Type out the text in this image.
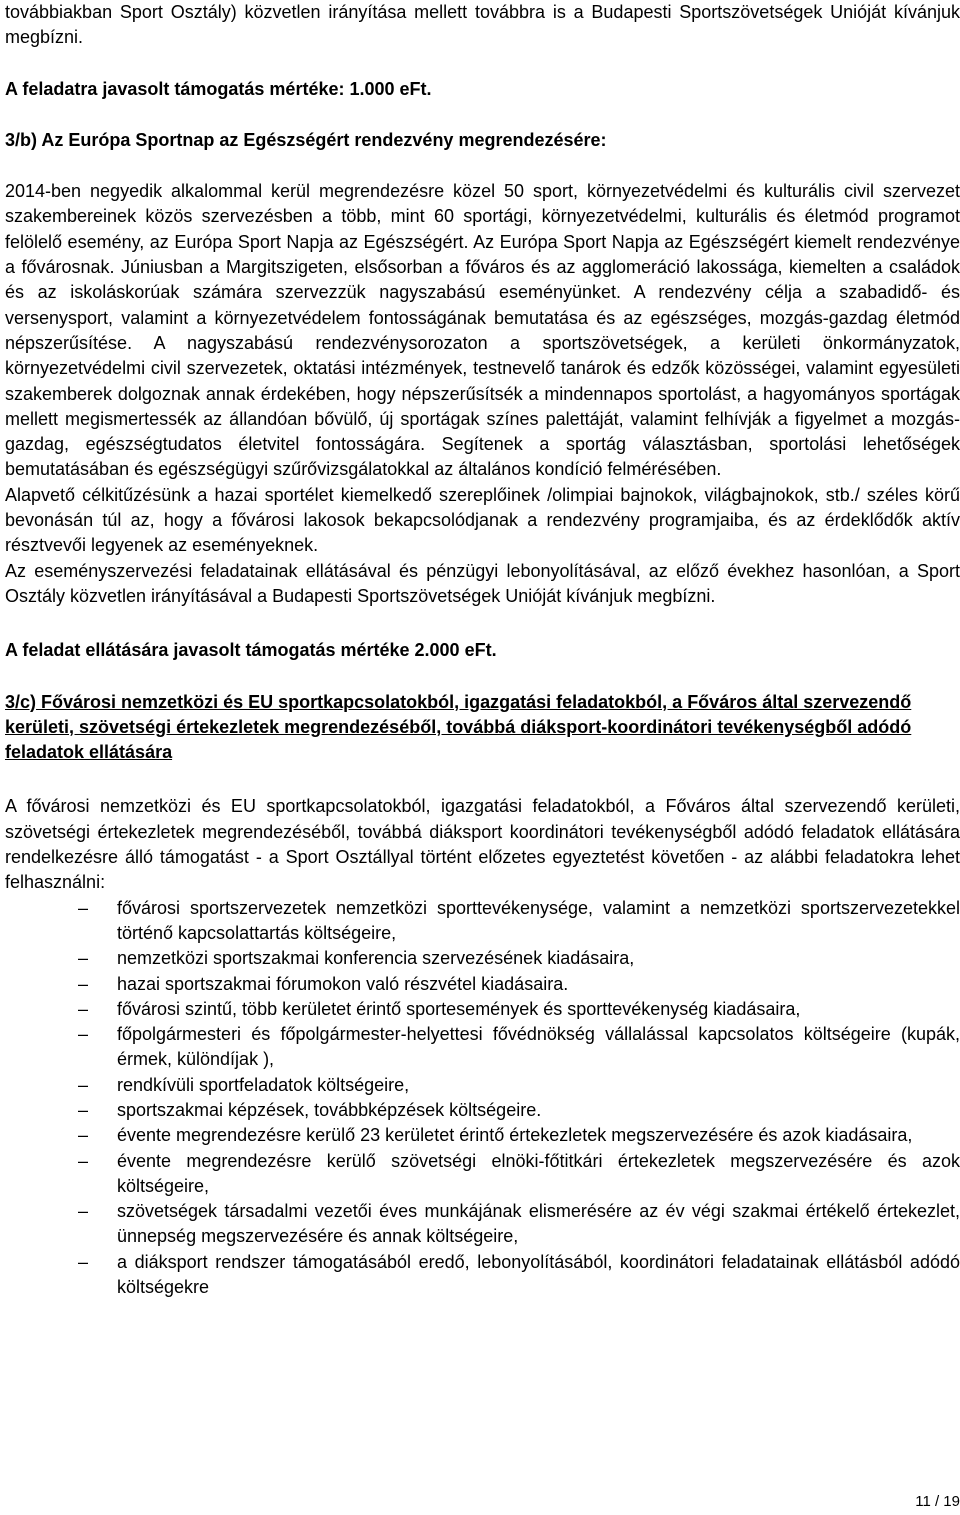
továbbiakban Sport Osztály) közvetlen irányítása mellett továbbra is a Budapesti Sportszövetségek Unióját kívánjuk megbízni.

A feladatra javasolt támogatás mértéke: 1.000 eFt.

3/b) Az Európa Sportnap az Egészségért rendezvény megrendezésére:

2014-ben negyedik alkalommal kerül megrendezésre közel 50 sport, környezetvédelmi és kulturális civil szervezet szakembereinek közös szervezésben a több, mint 60 sportági, környezetvédelmi, kulturális és életmód programot felölelő esemény, az Európa Sport Napja az Egészségért. Az Európa Sport Napja az Egészségért kiemelt rendezvénye a fővárosnak. Júniusban a Margitszigeten, elsősorban a főváros és az agglomeráció lakossága, kiemelten a családok és az iskoláskorúak számára szervezzük nagyszabású eseményünket. A rendezvény célja a szabadidő- és versenysport, valamint a környezetvédelem fontosságának bemutatása és az egészséges, mozgás-gazdag életmód népszerűsítése. A nagyszabású rendezvénysorozaton a sportszövetségek, a kerületi önkormányzatok, környezetvédelmi civil szervezetek, oktatási intézmények, testnevelő tanárok és edzők közösségei, valamint egyesületi szakemberek dolgoznak annak érdekében, hogy népszerűsítsék a mindennapos sportolást, a hagyományos sportágak mellett megismertessék az állandóan bővülő, új sportágak színes palettáját, valamint felhívják a figyelmet a mozgás-gazdag, egészségtudatos életvitel fontosságára. Segítenek a sportág választásban, sportolási lehetőségek bemutatásában és egészségügyi szűrővizsgálatokkal az általános kondíció felmérésében.

Alapvető célkitűzésünk a hazai sportélet kiemelkedő szereplőinek /olimpiai bajnokok, világbajnokok, stb./ széles körű bevonásán túl az, hogy a fővárosi lakosok bekapcsolódjanak a rendezvény programjaiba, és az érdeklődők aktív résztvevői legyenek az eseményeknek.

Az eseményszervezési feladatainak ellátásával és pénzügyi lebonyolításával, az előző évekhez hasonlóan, a Sport Osztály közvetlen irányításával a Budapesti Sportszövetségek Unióját kívánjuk megbízni.

A feladat ellátására javasolt támogatás mértéke 2.000 eFt.

3/c) Fővárosi nemzetközi és EU sportkapcsolatokból, igazgatási feladatokból, a Főváros által szervezendő kerületi, szövetségi értekezletek megrendezéséből, továbbá diáksport-koordinátori tevékenységből adódó feladatok ellátására

A fővárosi nemzetközi és EU sportkapcsolatokból, igazgatási feladatokból, a Főváros által szervezendő kerületi, szövetségi értekezletek megrendezéséből, továbbá diáksport koordinátori tevékenységből adódó feladatok ellátására rendelkezésre álló támogatást - a Sport Osztállyal történt előzetes egyeztetést követően - az alábbi feladatokra lehet felhasználni:

–	fővárosi sportszervezetek nemzetközi sporttevékenysége, valamint a nemzetközi sportszervezetekkel történő kapcsolattartás költségeire,
–	nemzetközi sportszakmai konferencia szervezésének kiadásaira,
–	hazai sportszakmai fórumokon való részvétel kiadásaira.
–	fővárosi szintű, több kerületet érintő sportesemények és sporttevékenység kiadásaira,
–	főpolgármesteri és főpolgármester-helyettesi fővédnökség vállalással kapcsolatos költségeire (kupák, érmek, különdíjak ),
–	rendkívüli sportfeladatok költségeire,
–	sportszakmai képzések, továbbképzések költségeire.
–	évente megrendezésre kerülő 23 kerületet érintő értekezletek megszervezésére és azok kiadásaira,
–	évente megrendezésre kerülő szövetségi elnöki-főtitkári értekezletek megszervezésére és azok költségeire,
–	szövetségek társadalmi vezetői éves munkájának elismerésére az év végi szakmai értékelő értekezlet, ünnepség megszervezésére és annak költségeire,
–	a diáksport rendszer támogatásából eredő, lebonyolításából, koordinátori feladatainak ellátásból adódó költségekre
11 / 19
